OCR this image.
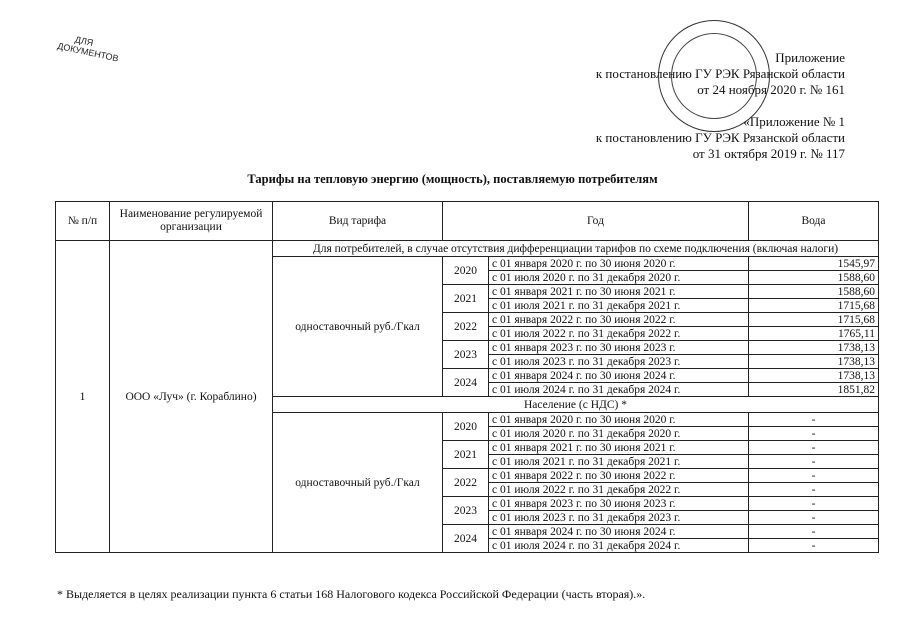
ДЛЯ ДОКУМЕНТОВ	Приложение
к постановлению ГУ РЭК Рязанской области
от 24 ноября 2020 г. № 161
«Приложение № 1
к постановлению ГУ РЭК Рязанской области
от 31 октября 2019 г. № 117
Тарифы на тепловую энергию (мощность), поставляемую потребителям
№ п/п	Наименование регулируемой организации	Вид тарифа	Год		Вода
1	ООО «Луч» (г. Кораблино)	Для потребителей, в случае отсутствия дифференциации тарифов по схеме подключения (включая налоги)			
		одноставочный руб./Гкал	2020	с 01 января 2020 г. по 30 июня 2020 г.	1545,97
				с 01 июля 2020 г. по 31 декабря 2020 г.	1588,60
			2021	с 01 января 2021 г. по 30 июня 2021 г.	1588,60
				с 01 июля 2021 г. по 31 декабря 2021 г.	1715,68
			2022	с 01 января 2022 г. по 30 июня 2022 г.	1715,68
				с 01 июля 2022 г. по 31 декабря 2022 г.	1765,11
			2023	с 01 января 2023 г. по 30 июня 2023 г.	1738,13
				с 01 июля 2023 г. по 31 декабря 2023 г.	1738,13
			2024	с 01 января 2024 г. по 30 июня 2024 г.	1738,13
				с 01 июля 2024 г. по 31 декабря 2024 г.	1851,82
		Население (с НДС) *			
		одноставочный руб./Гкал	2020	с 01 января 2020 г. по 30 июня 2020 г.	-
				с 01 июля 2020 г. по 31 декабря 2020 г.	-
			2021	с 01 января 2021 г. по 30 июня 2021 г.	-
				с 01 июля 2021 г. по 31 декабря 2021 г.	-
			2022	с 01 января 2022 г. по 30 июня 2022 г.	-
				с 01 июля 2022 г. по 31 декабря 2022 г.	-
			2023	с 01 января 2023 г. по 30 июня 2023 г.	-
				с 01 июля 2023 г. по 31 декабря 2023 г.	-
			2024	с 01 января 2024 г. по 30 июня 2024 г.	-
				с 01 июля 2024 г. по 31 декабря 2024 г.	-
* Выделяется в целях реализации пункта 6 статьи 168 Налогового кодекса Российской Федерации (часть вторая).».
